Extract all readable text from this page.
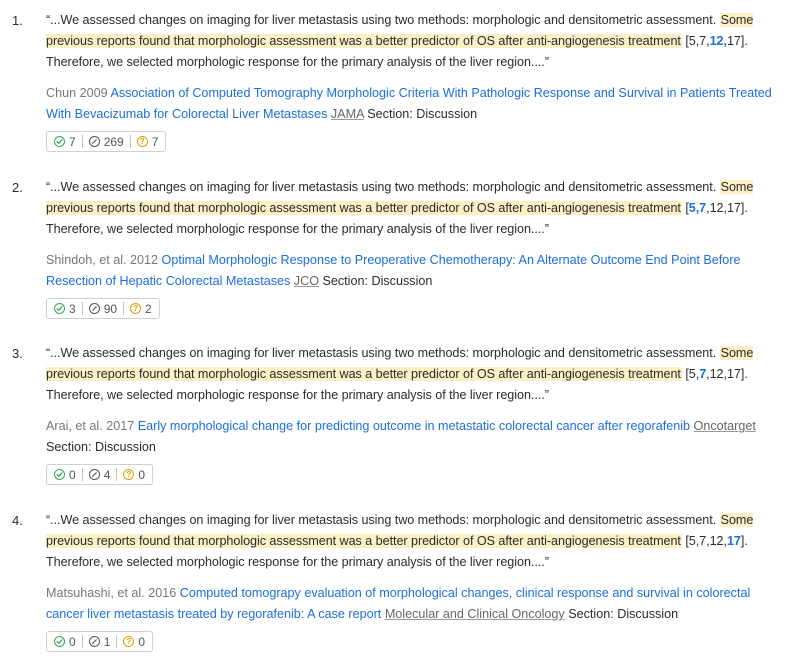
1. “...We assessed changes on imaging for liver metastasis using two methods: morphologic and densitometric assessment. Some previous reports found that morphologic assessment was a better predictor of OS after anti-angiogenesis treatment [5,7,12,17]. Therefore, we selected morphologic response for the primary analysis of the liver region....”

Chun 2009 Association of Computed Tomography Morphologic Criteria With Pathologic Response and Survival in Patients Treated With Bevacizumab for Colorectal Liver Metastases JAMA Section: Discussion
7 269	? 7
2. “...We assessed changes on imaging for liver metastasis using two methods: morphologic and densitometric assessment. Some previous reports found that morphologic assessment was a better predictor of OS after anti-angiogenesis treatment [5,7,12,17]. Therefore, we selected morphologic response for the primary analysis of the liver region....”

Shindoh, et al. 2012 Optimal Morphologic Response to Preoperative Chemotherapy: An Alternate Outcome End Point Before Resection of Hepatic Colorectal Metastases JCO Section: Discussion
3 90	? 2
3. “...We assessed changes on imaging for liver metastasis using two methods: morphologic and densitometric assessment. Some previous reports found that morphologic assessment was a better predictor of OS after anti-angiogenesis treatment [5,7,12,17]. Therefore, we selected morphologic response for the primary analysis of the liver region....”

Arai, et al. 2017 Early morphological change for predicting outcome in metastatic colorectal cancer after regorafenib Oncotarget Section: Discussion
0 4	? 0
4. “...We assessed changes on imaging for liver metastasis using two methods: morphologic and densitometric assessment. Some previous reports found that morphologic assessment was a better predictor of OS after anti-angiogenesis treatment [5,7,12,17]. Therefore, we selected morphologic response for the primary analysis of the liver region....”

Matsuhashi, et al. 2016 Computed tomograpy evaluation of morphological changes, clinical response and survival in colorectal cancer liver metastasis treated by regorafenib: A case report Molecular and Clinical Oncology Section: Discussion
0 1	? 0
